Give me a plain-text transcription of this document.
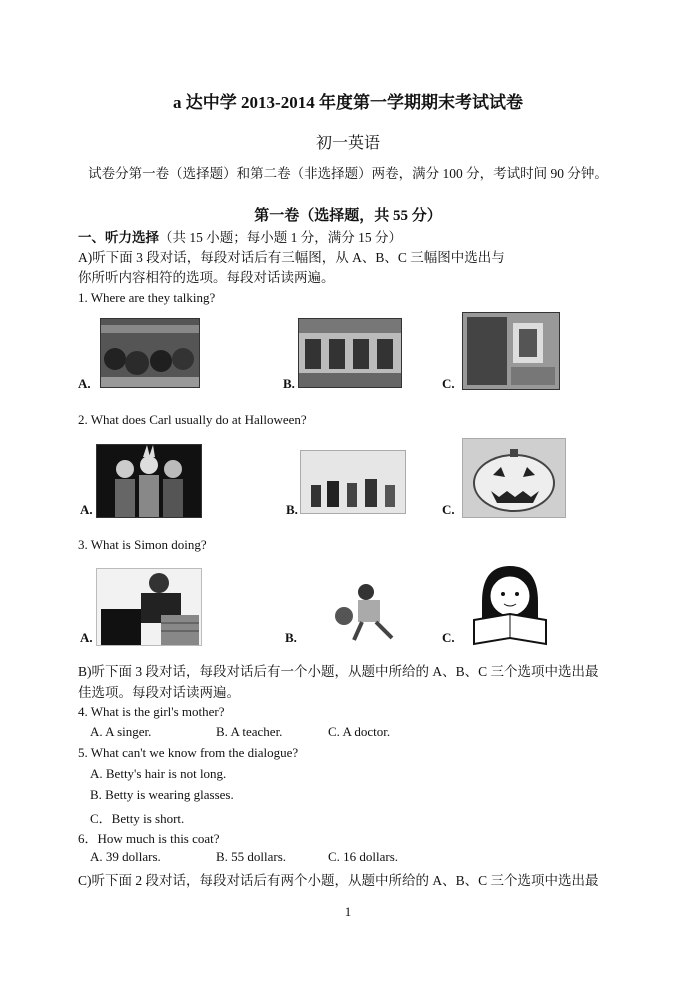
a 达中学 2013-2014 年度第一学期期末考试试卷
初一英语
试卷分第一卷（选择题）和第二卷（非选择题）两卷，满分 100 分，考试时间 90 分钟。
第一卷（选择题，共 55 分）
一、听力选择（共 15 小题；每小题 1 分，满分 15 分）
A)听下面 3 段对话，每段对话后有三幅图，从 A、B、C 三幅图中选出与
你所听内容相符的选项。每段对话读两遍。
1. Where are they talking?
A.	B.	C.
2. What does Carl usually do at Halloween?
A.	B.	C.
3. What is Simon doing?
A.	B.	C.
B)听下面 3 段对话，每段对话后有一个小题，从题中所给的 A、B、C 三个选项中选出最
佳选项。每段对话读两遍。
4. What is the girl's mother?
A. A singer.	B. A teacher.	C. A doctor.
5. What can't we know from the dialogue?
A. Betty's hair is not long.
B. Betty is wearing glasses.
C．Betty is short.
6．How much is this coat?
A. 39 dollars.	B. 55 dollars.	C. 16 dollars.
C)听下面 2 段对话，每段对话后有两个小题，从题中所给的 A、B、C 三个选项中选出最
1
